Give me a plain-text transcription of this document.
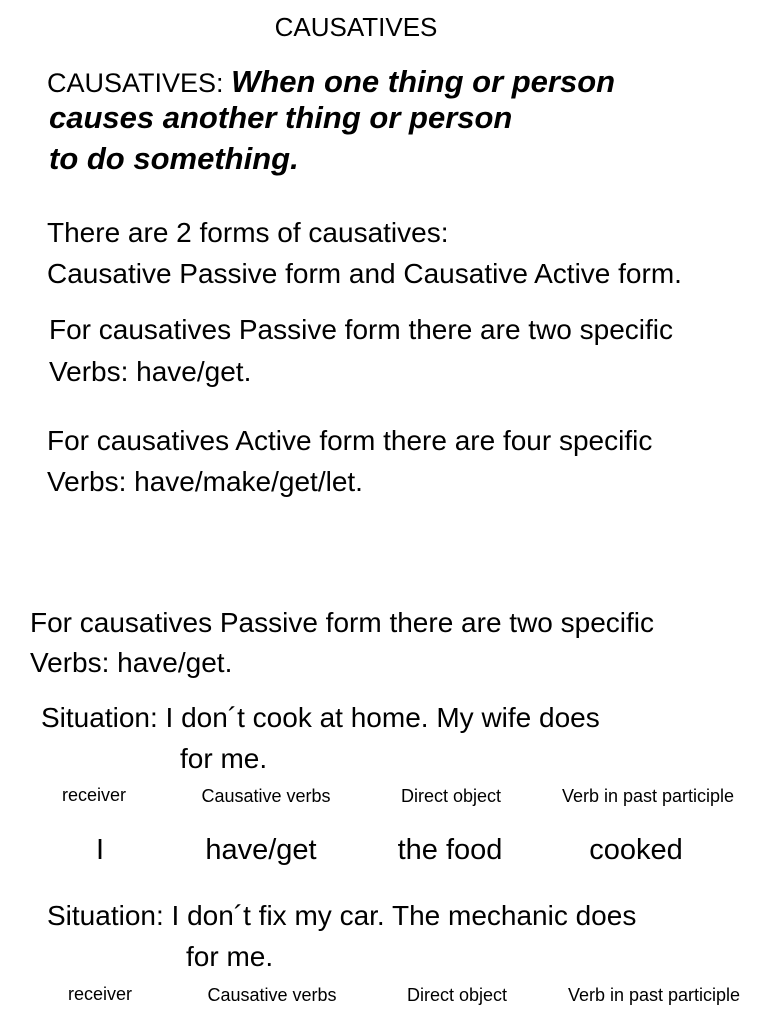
CAUSATIVES
CAUSATIVES: When one thing or person
causes another thing or person
to do something.
There are 2 forms of causatives:
Causative Passive form and Causative Active form.
For causatives Passive form there are two specific
Verbs: have/get.
For causatives Active form there are four specific
Verbs: have/make/get/let.
For causatives Passive form there are two specific
Verbs: have/get.
Situation: I don´t cook at home. My wife does
for me.
receiver	Causative verbs	Direct object	Verb in past participle
I	have/get	the food	cooked
Situation: I don´t fix my car. The mechanic does
for me.
receiver	Causative verbs	Direct object	Verb in past participle
